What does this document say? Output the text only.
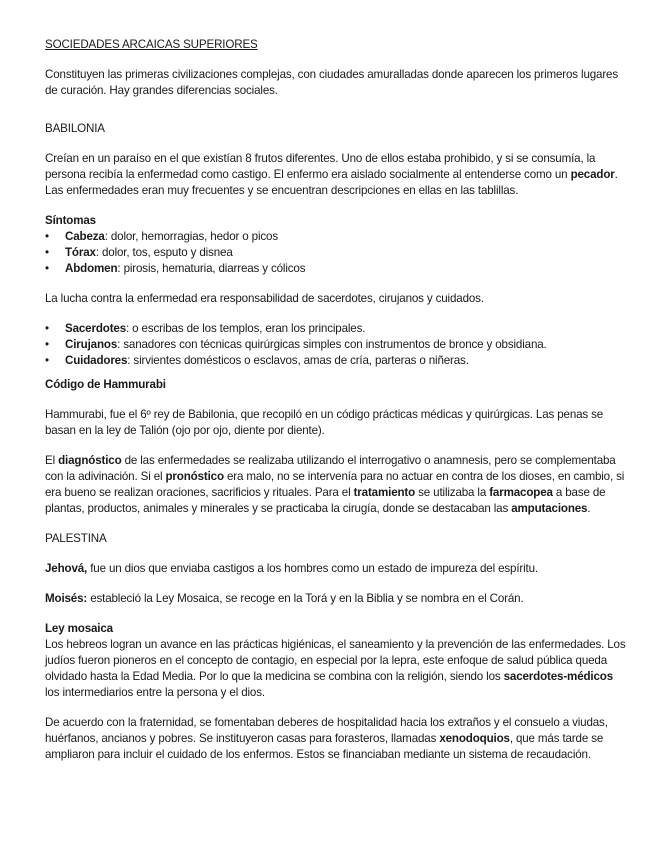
SOCIEDADES ARCAICAS SUPERIORES

Constituyen las primeras civilizaciones complejas, con ciudades amuralladas donde aparecen los primeros lugares de curación. Hay grandes diferencias sociales.

BABILONIA

Creían en un paraíso en el que existían 8 frutos diferentes. Uno de ellos estaba prohibido, y si se consumía, la persona recibía la enfermedad como castigo. El enfermo era aislado socialmente al entenderse como un pecador. Las enfermedades eran muy frecuentes y se encuentran descripciones en ellas en las tablillas.

Síntomas

• Cabeza: dolor, hemorragias, hedor o picos
• Tórax: dolor, tos, esputo y disnea
• Abdomen: pirosis, hematuria, diarreas y cólicos

La lucha contra la enfermedad era responsabilidad de sacerdotes, cirujanos y cuidados.

• Sacerdotes: o escribas de los templos, eran los principales.
• Cirujanos: sanadores con técnicas quirúrgicas simples con instrumentos de bronce y obsidiana.
• Cuidadores: sirvientes domésticos o esclavos, amas de cría, parteras o niñeras.

Código de Hammurabi

Hammurabi, fue el 6º rey de Babilonia, que recopiló en un código prácticas médicas y quirúrgicas. Las penas se basan en la ley de Talión (ojo por ojo, diente por diente).

El diagnóstico de las enfermedades se realizaba utilizando el interrogativo o anamnesis, pero se complementaba con la adivinación. Si el pronóstico era malo, no se intervenía para no actuar en contra de los dioses, en cambio, si era bueno se realizan oraciones, sacrificios y rituales. Para el tratamiento se utilizaba la farmacopea a base de plantas, productos, animales y minerales y se practicaba la cirugía, donde se destacaban las amputaciones.

PALESTINA

Jehová, fue un dios que enviaba castigos a los hombres como un estado de impureza del espíritu.

Moisés: estableció la Ley Mosaica, se recoge en la Torá y en la Biblia y se nombra en el Corán.

Ley mosaica

Los hebreos logran un avance en las prácticas higiénicas, el saneamiento y la prevención de las enfermedades. Los judíos fueron pioneros en el concepto de contagio, en especial por la lepra, este enfoque de salud pública queda olvidado hasta la Edad Media. Por lo que la medicina se combina con la religión, siendo los sacerdotes-médicos los intermediarios entre la persona y el dios.

De acuerdo con la fraternidad, se fomentaban deberes de hospitalidad hacia los extraños y el consuelo a viudas, huérfanos, ancianos y pobres. Se instituyeron casas para forasteros, llamadas xenodoquios, que más tarde se ampliaron para incluir el cuidado de los enfermos. Estos se financiaban mediante un sistema de recaudación.
